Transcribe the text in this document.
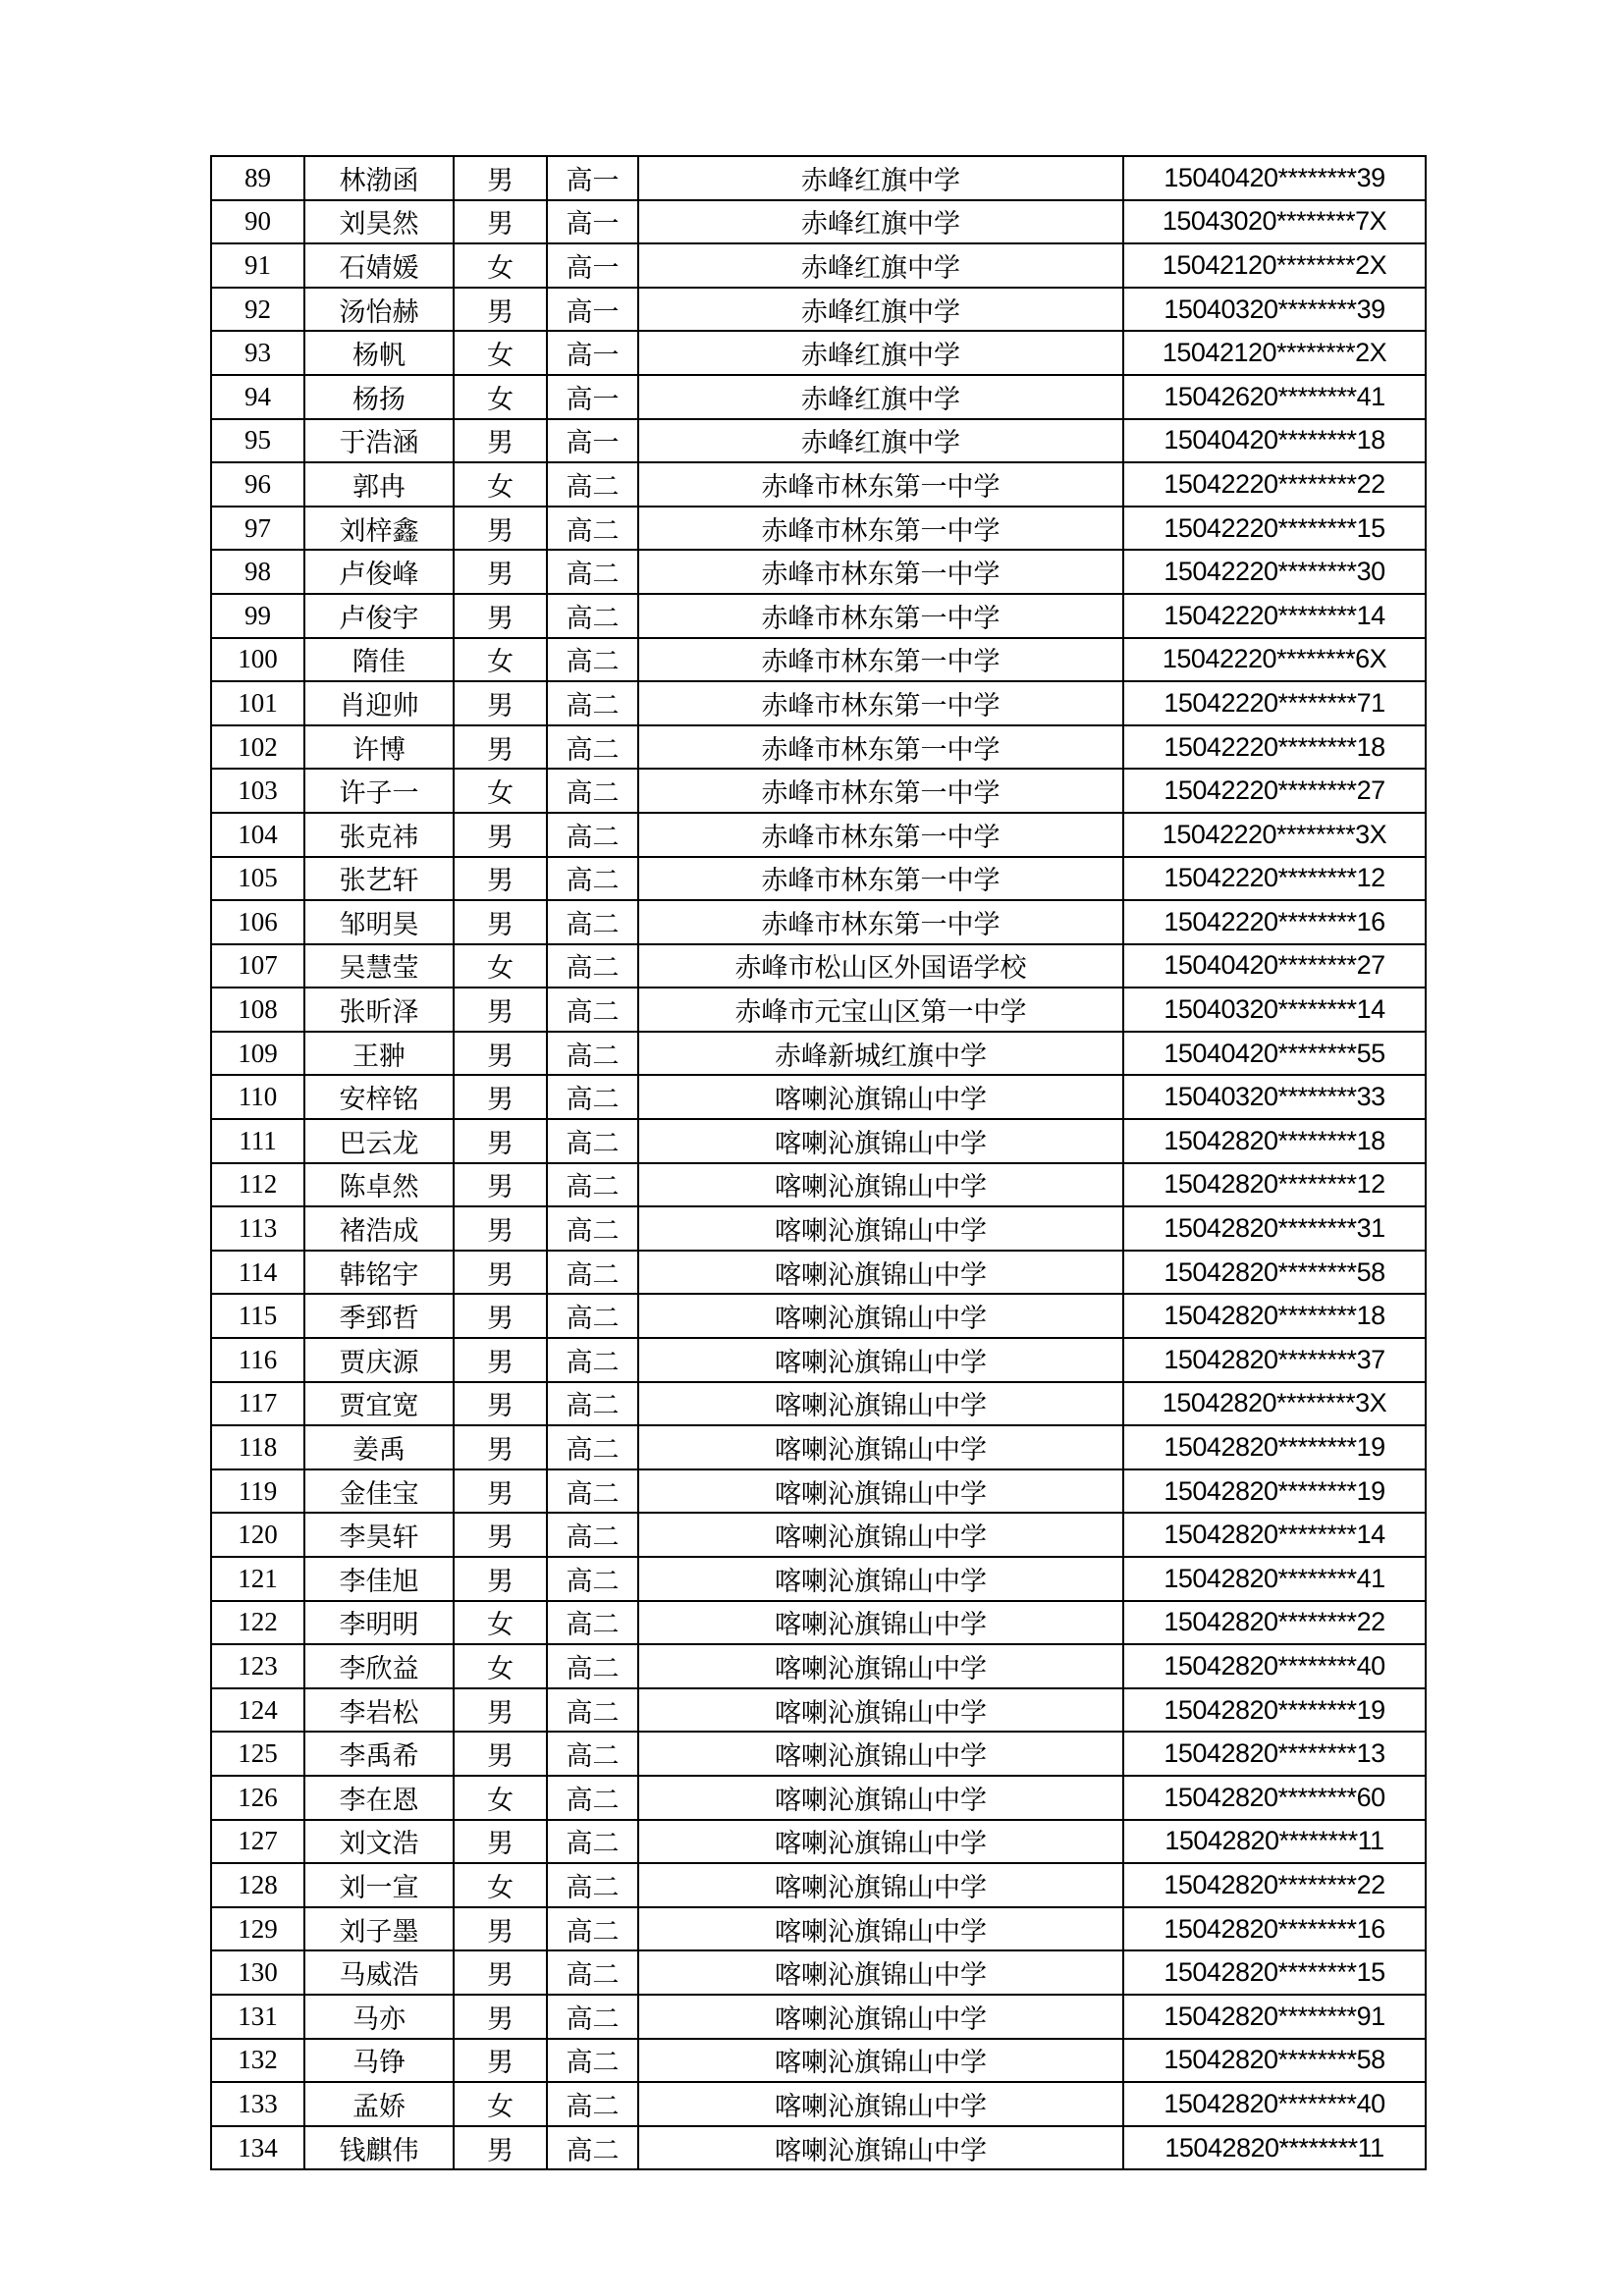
89	林渤函	男	高一	赤峰红旗中学	15040420********39
90	刘昊然	男	高一	赤峰红旗中学	15043020********7X
91	石婧媛	女	高一	赤峰红旗中学	15042120********2X
92	汤怡赫	男	高一	赤峰红旗中学	15040320********39
93	杨帆	女	高一	赤峰红旗中学	15042120********2X
94	杨扬	女	高一	赤峰红旗中学	15042620********41
95	于浩涵	男	高一	赤峰红旗中学	15040420********18
96	郭冉	女	高二	赤峰市林东第一中学	15042220********22
97	刘梓鑫	男	高二	赤峰市林东第一中学	15042220********15
98	卢俊峰	男	高二	赤峰市林东第一中学	15042220********30
99	卢俊宇	男	高二	赤峰市林东第一中学	15042220********14
100	隋佳	女	高二	赤峰市林东第一中学	15042220********6X
101	肖迎帅	男	高二	赤峰市林东第一中学	15042220********71
102	许博	男	高二	赤峰市林东第一中学	15042220********18
103	许子一	女	高二	赤峰市林东第一中学	15042220********27
104	张克祎	男	高二	赤峰市林东第一中学	15042220********3X
105	张艺轩	男	高二	赤峰市林东第一中学	15042220********12
106	邹明昊	男	高二	赤峰市林东第一中学	15042220********16
107	吴慧莹	女	高二	赤峰市松山区外国语学校	15040420********27
108	张昕泽	男	高二	赤峰市元宝山区第一中学	15040320********14
109	王翀	男	高二	赤峰新城红旗中学	15040420********55
110	安梓铭	男	高二	喀喇沁旗锦山中学	15040320********33
111	巴云龙	男	高二	喀喇沁旗锦山中学	15042820********18
112	陈卓然	男	高二	喀喇沁旗锦山中学	15042820********12
113	褚浩成	男	高二	喀喇沁旗锦山中学	15042820********31
114	韩铭宇	男	高二	喀喇沁旗锦山中学	15042820********58
115	季郅哲	男	高二	喀喇沁旗锦山中学	15042820********18
116	贾庆源	男	高二	喀喇沁旗锦山中学	15042820********37
117	贾宜宽	男	高二	喀喇沁旗锦山中学	15042820********3X
118	姜禹	男	高二	喀喇沁旗锦山中学	15042820********19
119	金佳宝	男	高二	喀喇沁旗锦山中学	15042820********19
120	李昊轩	男	高二	喀喇沁旗锦山中学	15042820********14
121	李佳旭	男	高二	喀喇沁旗锦山中学	15042820********41
122	李明明	女	高二	喀喇沁旗锦山中学	15042820********22
123	李欣益	女	高二	喀喇沁旗锦山中学	15042820********40
124	李岩松	男	高二	喀喇沁旗锦山中学	15042820********19
125	李禹希	男	高二	喀喇沁旗锦山中学	15042820********13
126	李在恩	女	高二	喀喇沁旗锦山中学	15042820********60
127	刘文浩	男	高二	喀喇沁旗锦山中学	15042820********11
128	刘一宣	女	高二	喀喇沁旗锦山中学	15042820********22
129	刘子墨	男	高二	喀喇沁旗锦山中学	15042820********16
130	马威浩	男	高二	喀喇沁旗锦山中学	15042820********15
131	马亦	男	高二	喀喇沁旗锦山中学	15042820********91
132	马铮	男	高二	喀喇沁旗锦山中学	15042820********58
133	孟娇	女	高二	喀喇沁旗锦山中学	15042820********40
134	钱麒伟	男	高二	喀喇沁旗锦山中学	15042820********11
